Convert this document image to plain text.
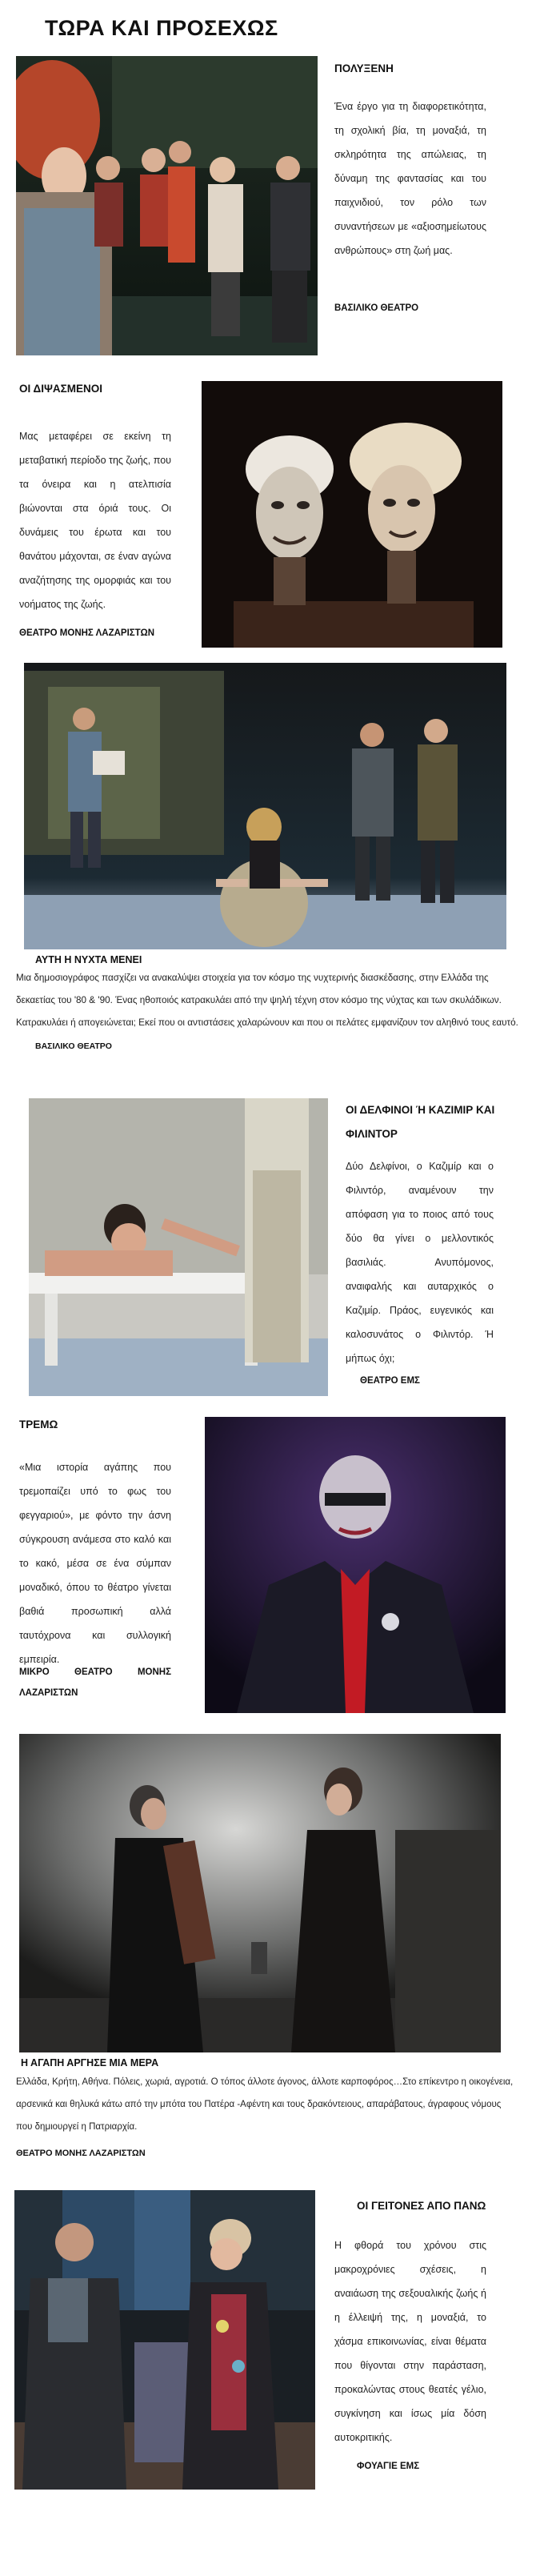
ΤΩΡΑ ΚΑΙ ΠΡΟΣΕΧΩΣ
ΠΟΛΥΞΕΝΗ
Ένα έργο για τη διαφορετικότητα, τη σχολική βία, τη μοναξιά, τη σκληρότητα της απώλειας, τη δύναμη της φαντασίας και του παιχνιδιού, τον ρόλο των συναντήσεων με «αξιοσημείωτους ανθρώπους» στη ζωή μας.
ΒΑΣΙΛΙΚΟ ΘΕΑΤΡΟ
ΟΙ ΔΙΨΑΣΜΕΝΟΙ
Μας μεταφέρει σε εκείνη τη μεταβατική περίοδο της ζωής, που τα όνειρα και η ατελπισία βιώνονται στα όριά τους. Οι δυνάμεις του έρωτα και του θανάτου μάχονται, σε έναν αγώνα αναζήτησης της ομορφιάς και του νοήματος της ζωής.
ΘΕΑΤΡΟ ΜΟΝΗΣ ΛΑΖΑΡΙΣΤΩΝ
ΑΥΤΗ Η ΝΥΧΤΑ ΜΕΝΕΙ
Μια δημοσιογράφος πασχίζει να ανακαλύψει στοιχεία για τον κόσμο της νυχτερινής διασκέδασης, στην Ελλάδα της δεκαετίας του '80 & '90. Ένας ηθοποιός κατρακυλάει από την ψηλή τέχνη στον κόσμο της νύχτας και των σκυλάδικων. Κατρακυλάει ή απογειώνεται; Εκεί που οι αντιστάσεις χαλαρώνουν και που οι πελάτες εμφανίζουν τον αληθινό τους εαυτό.
ΒΑΣΙΛΙΚΟ ΘΕΑΤΡΟ
ΟΙ ΔΕΛΦΙΝΟΙ Ή ΚΑΖΙΜΙΡ ΚΑΙ ΦΙΛΙΝΤΟΡ
Δύο Δελφίνοι, ο Καζιμίρ και ο Φιλιντόρ, αναμένουν την απόφαση για το ποιος από τους δύο θα γίνει ο μελλοντικός βασιλιάς. Ανυπόμονος, αναιφαλής και αυταρχικός ο Καζιμίρ. Πράος, ευγενικός και καλοσυνάτος ο Φιλιντόρ. Ή μήπως όχι;
ΘΕΑΤΡΟ ΕΜΣ
ΤΡΕΜΩ
«Μια ιστορία αγάπης που τρεμοπαίζει υπό το φως του φεγγαριού», με φόντο την άσνη σύγκρουση ανάμεσα στο καλό και το κακό, μέσα σε ένα σύμπαν μοναδικό, όπου το θέατρο γίνεται βαθιά προσωπική αλλά ταυτόχρονα και συλλογική εμπειρία.
ΜΙΚΡΟ ΘΕΑΤΡΟ ΜΟΝΗΣ ΛΑΖΑΡΙΣΤΩΝ
Η ΑΓΑΠΗ ΑΡΓΗΣΕ ΜΙΑ ΜΕΡΑ
Ελλάδα, Κρήτη, Αθήνα. Πόλεις, χωριά, αγροτιά. Ο τόπος άλλοτε άγονος, άλλοτε καρποφόρος…Στο επίκεντρο η οικογένεια, αρσενικά και θηλυκά κάτω από την μπότα του Πατέρα -Αφέντη και τους δρακόντειους, απαράβατους, άγραφους νόμους που δημιουργεί η Πατριαρχία.
ΘΕΑΤΡΟ ΜΟΝΗΣ ΛΑΖΑΡΙΣΤΩΝ
ΟΙ ΓΕΙΤΟΝΕΣ ΑΠΟ ΠΑΝΩ
Η φθορά του χρόνου στις μακροχρόνιες σχέσεις, η αναιάωση της σεξουαλικής ζωής ή η έλλειψή της, η μοναξιά, το χάσμα επικοινωνίας, είναι θέματα που θίγονται στην παράσταση, προκαλώντας στους θεατές γέλιο, συγκίνηση και ίσως μία δόση αυτοκριτικής.
ΦΟΥΑΓΙΕ ΕΜΣ
